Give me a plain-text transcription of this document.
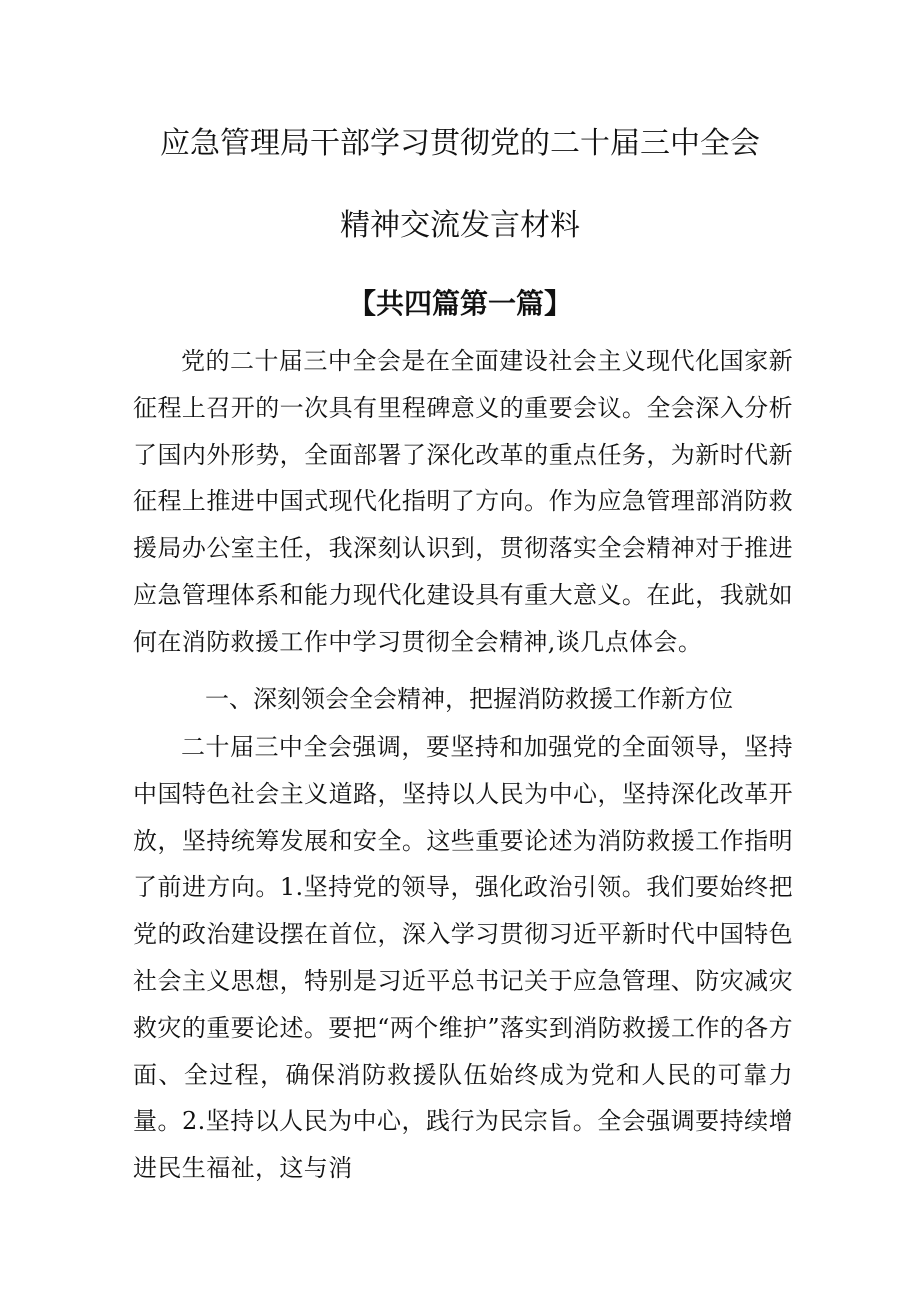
应急管理局干部学习贯彻党的二十届三中全会
精神交流发言材料
【共四篇第一篇】

党的二十届三中全会是在全面建设社会主义现代化国家新征程上召开的一次具有里程碑意义的重要会议。全会深入分析了国内外形势，全面部署了深化改革的重点任务，为新时代新征程上推进中国式现代化指明了方向。作为应急管理部消防救援局办公室主任，我深刻认识到，贯彻落实全会精神对于推进应急管理体系和能力现代化建设具有重大意义。在此，我就如何在消防救援工作中学习贯彻全会精神,谈几点体会。

一、深刻领会全会精神，把握消防救援工作新方位

二十届三中全会强调，要坚持和加强党的全面领导，坚持中国特色社会主义道路，坚持以人民为中心，坚持深化改革开放，坚持统筹发展和安全。这些重要论述为消防救援工作指明了前进方向。1.坚持党的领导，强化政治引领。我们要始终把党的政治建设摆在首位，深入学习贯彻习近平新时代中国特色社会主义思想，特别是习近平总书记关于应急管理、防灾减灾救灾的重要论述。要把“两个维护”落实到消防救援工作的各方面、全过程，确保消防救援队伍始终成为党和人民的可靠力量。2.坚持以人民为中心，践行为民宗旨。全会强调要持续增进民生福祉，这与消
